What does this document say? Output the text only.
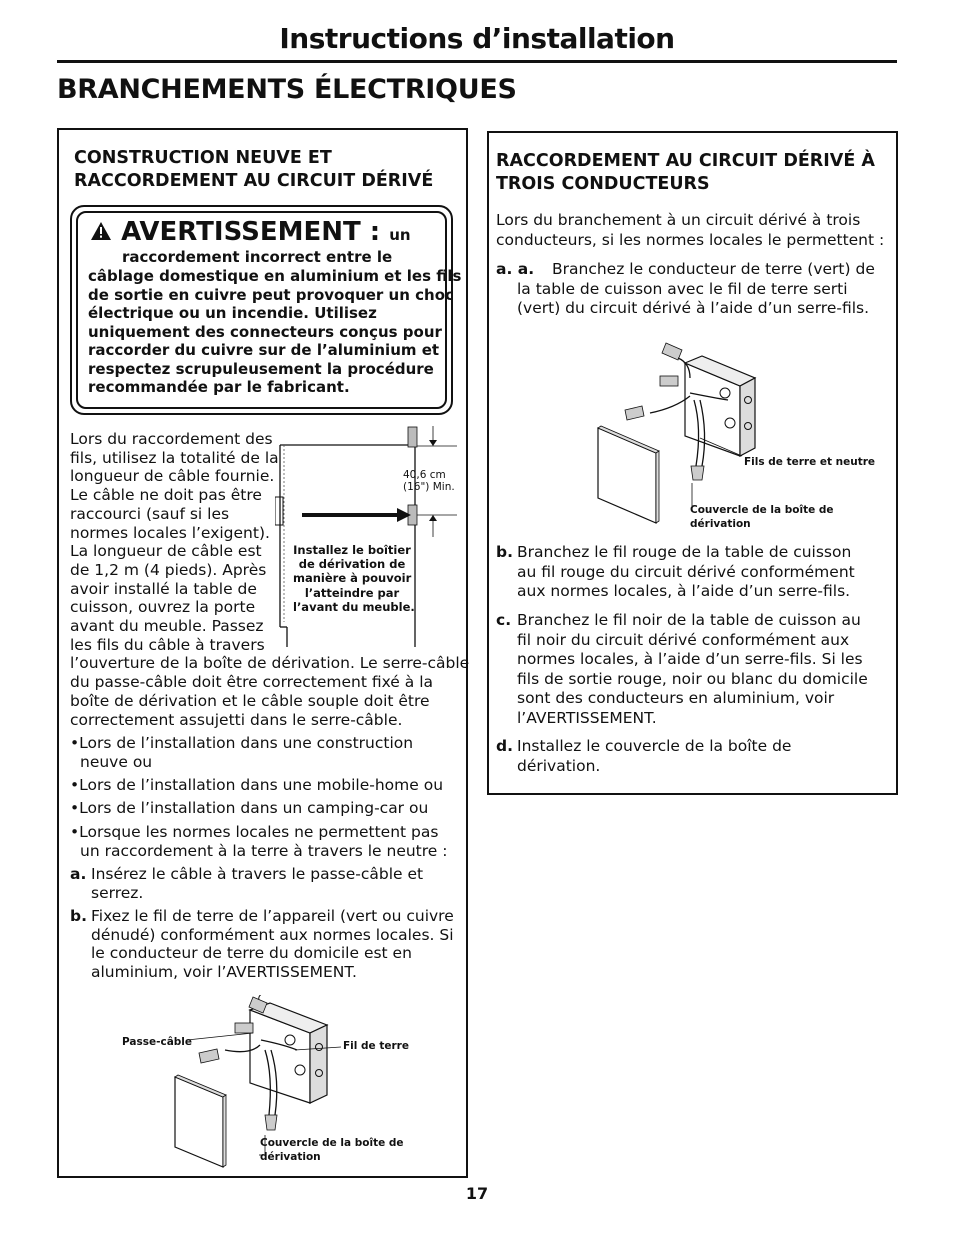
Instructions d’installation
BRANCHEMENTS ÉLECTRIQUES
CONSTRUCTION NEUVE ET
RACCORDEMENT AU CIRCUIT DÉRIVÉ
AVERTISSEMENT : un
raccordement incorrect entre le
câblage domestique en aluminium et les fils
de sortie en cuivre peut provoquer un choc
électrique ou un incendie. Utilisez
uniquement des connecteurs conçus pour
raccorder du cuivre sur de l’aluminium et
respectez scrupuleusement la procédure
recommandée par le fabricant.
Lors du raccordement des
fils, utilisez la totalité de la
longueur de câble fournie.
Le câble ne doit pas être
raccourci (sauf si les
normes locales l’exigent).
La longueur de câble est
de 1,2 m (4 pieds). Après
avoir installé la table de
cuisson, ouvrez la porte
avant du meuble. Passez
les fils du câble à travers
l’ouverture de la boîte de dérivation. Le serre-câble
du passe-câble doit être correctement fixé à la
boîte de dérivation et le câble souple doit être
correctement assujetti dans le serre-câble.
40,6 cm
(16") Min.
Installez le boîtier
de dérivation de
manière à pouvoir
l’atteindre par
l’avant du meuble.
•Lors de l’installation dans une construction
neuve ou
•Lors de l’installation dans une mobile-home ou
•Lors de l’installation dans un camping-car ou
•Lorsque les normes locales ne permettent pas
un raccordement à la terre à travers le neutre :
a. Insérez le câble à travers le passe-câble et
serrez.
b. Fixez le fil de terre de l’appareil (vert ou cuivre
dénudé) conformément aux normes locales. Si
le conducteur de terre du domicile est en
aluminium, voir l’AVERTISSEMENT.
Passe-câble	Fil de terre
Couvercle de la boîte de
dérivation
RACCORDEMENT AU CIRCUIT DÉRIVÉ À
TROIS CONDUCTEURS
Lors du branchement à un circuit dérivé à trois
conducteurs, si les normes locales le permettent :
a. a.	Branchez le conducteur de terre (vert) de
la table de cuisson avec le fil de terre serti
(vert) du circuit dérivé à l’aide d’un serre-fils.
Fils de terre et neutre
Couvercle de la boîte de
dérivation
b. Branchez le fil rouge de la table de cuisson
au fil rouge du circuit dérivé conformément
aux normes locales, à l’aide d’un serre-fils.
c. Branchez le fil noir de la table de cuisson au
fil noir du circuit dérivé conformément aux
normes locales, à l’aide d’un serre-fils. Si les
fils de sortie rouge, noir ou blanc du domicile
sont des conducteurs en aluminium, voir
l’AVERTISSEMENT.
d. Installez le couvercle de la boîte de
dérivation.
17
